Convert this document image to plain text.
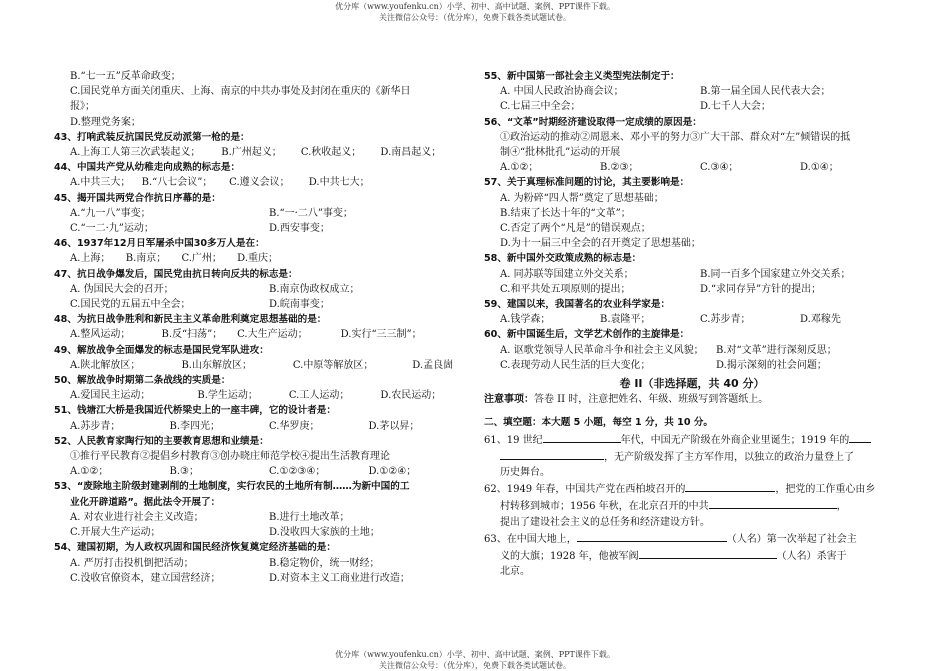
优分库（www.youfenku.cn）小学、初中、高中试题、案例、PPT课件下载。
关注微信公众号：（优分库），免费下载各类试题试卷。
B.“七一五”反革命政变；
C.国民党单方面关闭重庆、上海、南京的中共办事处及封闭在重庆的《新华日
报》；
D.整理党务案；
43、打响武装反抗国民党反动派第一枪的是：
A.上海工人第三次武装起义；	B.广州起义；	C.秋收起义；	D.南昌起义；
44、中国共产党从幼稚走向成熟的标志是：
A.中共三大；	B.“八七会议”；	C.遵义会议；	D.中共七大；
45、揭开国共两党合作抗日序幕的是：
A.“九一八”事变；	B.“一·二八”事变；
C.“一二·九”运动；	D.西安事变；
46、1937年12月日军屠杀中国30多万人是在：
A.上海；	B.南京；	C.广州；	D.重庆；
47、抗日战争爆发后，国民党由抗日转向反共的标志是：
A. 伪国民大会的召开；	B.南京伪政权成立；
C.国民党的五届五中全会；	D.皖南事变；
48、为抗日战争胜利和新民主主义革命胜利奠定思想基础的是：
A.整风运动；	B.反“扫荡”；	C.大生产运动；	D.实行“三三制”；
49、解放战争全面爆发的标志是国民党军队进攻：
A.陕北解放区；	B.山东解放区；	C.中原等解放区；	D.孟良崮
50、解放战争时期第二条战线的实质是：
A.爱国民主运动；	B.学生运动；	C.工人运动；	D.农民运动；
51、钱塘江大桥是我国近代桥梁史上的一座丰碑，它的设计者是：
A.苏步青；	B.李四光；	C.华罗庚；	D.茅以昇；
52、人民教育家陶行知的主要教育思想和业绩是：
①推行平民教育②提倡乡村教育③创办晓庄师范学校④提出生活教育理论
A.①②；	B.③；	C.①②③④；	D.①②④；
53、“废除地主阶级封建剥削的土地制度，实行农民的土地所有制……为新中国的工
业化开辟道路”。据此法令开展了：
A. 对农业进行社会主义改造；	B.进行土地改革；
C.开展大生产运动；	D.没收四大家族的土地；
54、建国初期，为人政权巩固和国民经济恢复奠定经济基础的是：
A. 严厉打击投机倒把活动；	B.稳定物价，统一财经；
C.没收官僚资本，建立国营经济；	D.对资本主义工商业进行改造；
55、新中国第一部社会主义类型宪法制定于：
A. 中国人民政治协商会议；	B.第一届全国人民代表大会；
C.七届三中全会；	D.七千人大会；
56、“文革”时期经济建设取得一定成绩的原因是：
①政治运动的推动②周恩来、邓小平的努力③广大干部、群众对“左”倾错误的抵
制④“批林批孔”运动的开展
A.①②；	B.②③；	C.③④；	D.①④；
57、关于真理标准问题的讨论，其主要影响是：
A. 为粉碎“四人帮”奠定了思想基础；
B.结束了长达十年的“文革”；
C.否定了两个“凡是”的错误观点；
D.为十一届三中全会的召开奠定了思想基础；
58、新中国外交政策成熟的标志是：
A. 同苏联等国建立外交关系；	B.同一百多个国家建立外交关系；
C.和平共处五项原则的提出；	D.“求同存异”方针的提出；
59、建国以来，我国著名的农业科学家是：
A.钱学森；	B.袁隆平；	C.苏步青；	D.邓稼先
60、新中国诞生后，文学艺术创作的主旋律是：
A. 讴歌党领导人民革命斗争和社会主义风貌；	B.对“文革”进行深刻反思；
C.表现劳动人民生活的巨大变化；	D.揭示深刻的社会问题；
卷 II（非选择题，共 40 分）
注意事项：答卷 II 时，注意把姓名、年级、班级写到答题纸上。
二、填空题：本大题 5 小题，每空 1 分，共 10 分。
61、19 世纪	年代，中国无产阶级在外商企业里诞生；1919 年的
，无产阶级发挥了主方军作用，以独立的政治力量登上了
历史舞台。
62、1949 年春，中国共产党在西柏坡召开的	，把党的工作重心由乡
村转移到城市；1956 年秋，在北京召开的中共	，
提出了建设社会主义的总任务和经济建设方针。
63、在中国大地上，	（人名）第一次举起了社会主
义的大旗；1928 年，他被军阀	（人名）杀害于
北京。
优分库（www.youfenku.cn）小学、初中、高中试题、案例、PPT课件下载。
关注微信公众号：（优分库），免费下载各类试题试卷。
